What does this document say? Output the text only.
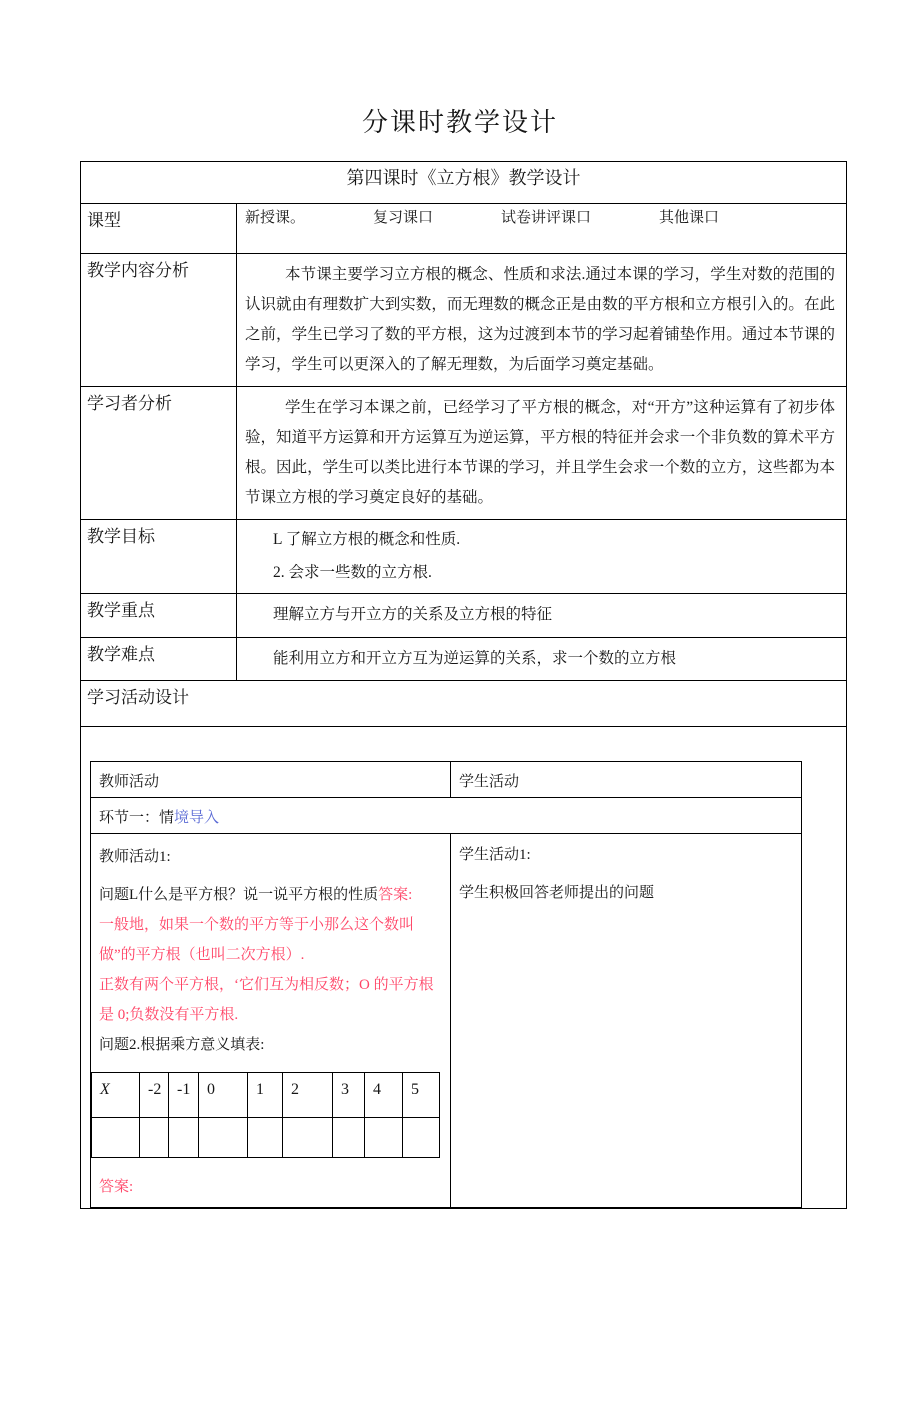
分课时教学设计
第四课时《立方根》教学设计
课型	新授课。	复习课口	试卷讲评课口	其他课口

教学内容分析	本节课主要学习立方根的概念、性质和求法.通过本课的学习，学生对数的范围的认识就由有理数扩大到实数，而无理数的概念正是由数的平方根和立方根引入的。在此之前，学生已学习了数的平方根，这为过渡到本节的学习起着铺垫作用。通过本节课的学习，学生可以更深入的了解无理数，为后面学习奠定基础。

学习者分析	学生在学习本课之前，已经学习了平方根的概念，对“开方”这种运算有了初步体验，知道平方运算和开方运算互为逆运算，平方根的特征并会求一个非负数的算术平方根。因此，学生可以类比进行本节课的学习，并且学生会求一个数的立方，这些都为本节课立方根的学习奠定良好的基础。

教学目标	L 了解立方根的概念和性质.

2. 会求一些数的立方根.

教学重点	理解立方与开立方的关系及立方根的特征

教学难点	能利用立方和开立方互为逆运算的关系，求一个数的立方根

学习活动设计

教师活动	学生活动
环节一：情境导入

教师活动1:

问题L什么是平方根？说一说平方根的性质答案:

一般地，如果一个数的平方等于小那么这个数叫做”的平方根（也叫二次方根）.

正数有两个平方根，‘它们互为相反数；O 的平方根是 0;负数没有平方根.

问题2.根据乘方意义填表:

X	-2	-1	0	1	2	3	4	5

答案:

学生活动1:

学生积极回答老师提出的问题
